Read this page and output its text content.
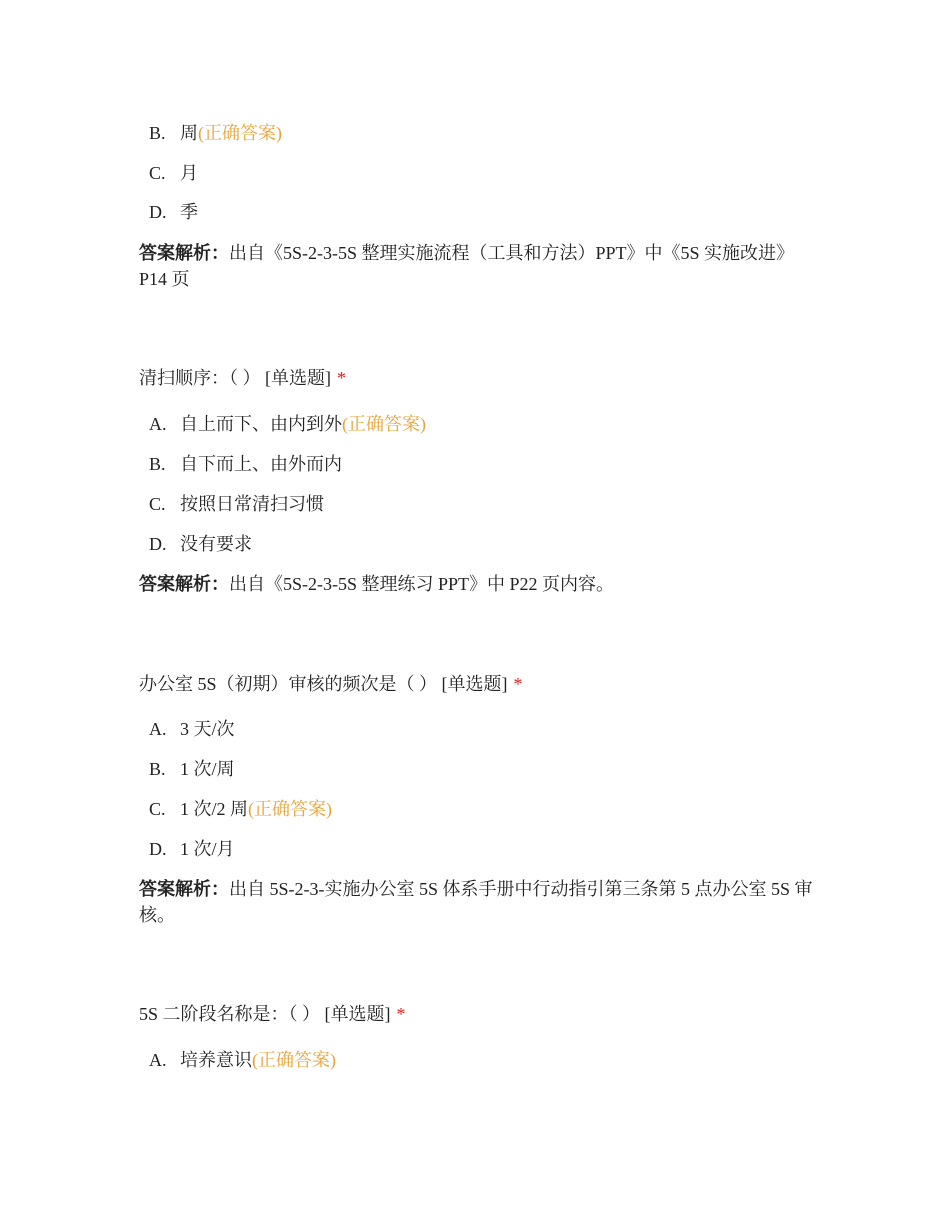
B. 周(正确答案)
C. 月
D. 季
答案解析：出自《5S-2-3-5S 整理实施流程（工具和方法）PPT》中《5S 实施改进》P14 页
清扫顺序：（ ） [单选题] *
A. 自上而下、由内到外(正确答案)
B. 自下而上、由外而内
C. 按照日常清扫习惯
D. 没有要求
答案解析：出自《5S-2-3-5S 整理练习 PPT》中 P22 页内容。
办公室 5S（初期）审核的频次是（ ） [单选题] *
A. 3 天/次
B. 1 次/周
C. 1 次/2 周(正确答案)
D. 1 次/月
答案解析：出自 5S-2-3-实施办公室 5S 体系手册中行动指引第三条第 5 点办公室 5S 审核。
5S 二阶段名称是：（ ） [单选题] *
A. 培养意识(正确答案)
